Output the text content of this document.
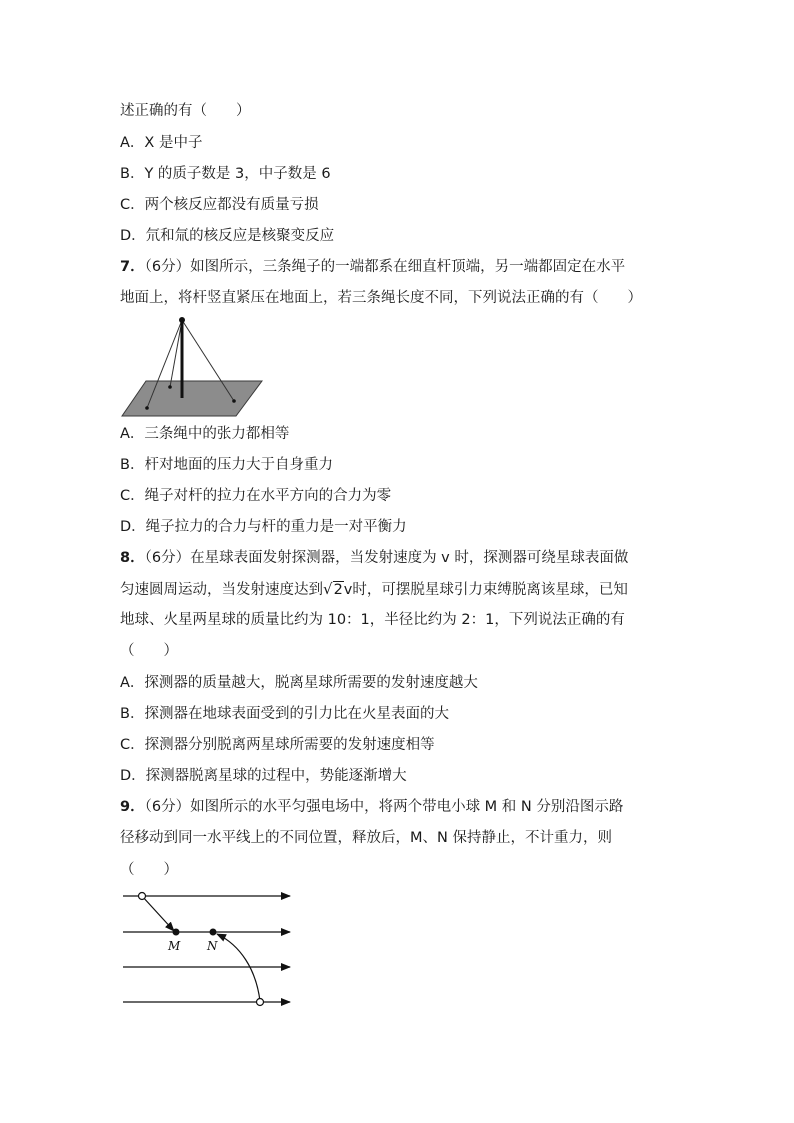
述正确的有（　　）
A．X 是中子
B．Y 的质子数是 3，中子数是 6
C．两个核反应都没有质量亏损
D．氘和氚的核反应是核聚变反应
7．（6分）如图所示，三条绳子的一端都系在细直杆顶端，另一端都固定在水平
地面上，将杆竖直紧压在地面上，若三条绳长度不同，下列说法正确的有（　　）
A．三条绳中的张力都相等
B．杆对地面的压力大于自身重力
C．绳子对杆的拉力在水平方向的合力为零
D．绳子拉力的合力与杆的重力是一对平衡力
8．（6分）在星球表面发射探测器，当发射速度为 v 时，探测器可绕星球表面做
匀速圆周运动，当发射速度达到√2v时，可摆脱星球引力束缚脱离该星球，已知
地球、火星两星球的质量比约为 10：1，半径比约为 2：1，下列说法正确的有
（　　）
A．探测器的质量越大，脱离星球所需要的发射速度越大
B．探测器在地球表面受到的引力比在火星表面的大
C．探测器分别脱离两星球所需要的发射速度相等
D．探测器脱离星球的过程中，势能逐渐增大
9．（6分）如图所示的水平匀强电场中，将两个带电小球 M 和 N 分别沿图示路
径移动到同一水平线上的不同位置，释放后，M、N 保持静止，不计重力，则
（　　）
M N
